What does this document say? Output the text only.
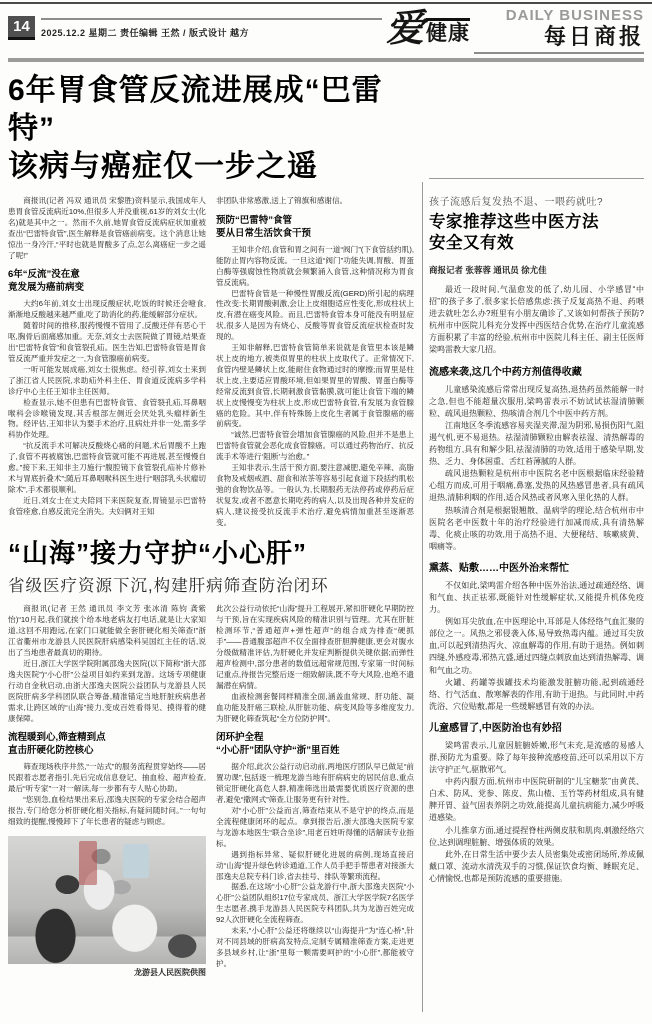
14	2025.12.2 星期二 责任编辑 王然 / 版式设计 越方	爱 健康
DAILY BUSINESS
每日商报
6年胃食管反流进展成“巴雷特”
该病与癌症仅一步之遥

商报讯(记者 冯双 通讯员 宋黎胜)资料显示,我国成年人患胃食管反流病近10%,但很多人并没重视,61岁的刘女士(化名)就是其中之一。然而不久前,她胃食管反流病症状加重被查出“巴雷特食管”,医生解释是食管癌前病变。这个消息让她惊出一身冷汗,“平时也就是胃酸多了点,怎么离癌症一步之遥了呢!”

6年“反流”没在意
竟发展为癌前病变

大约6年前,刘女士出现反酸症状,吃饭的时候还会噎食,渐渐地反酸越来越严重,吃了助消化的药,能缓解部分症状。

随着时间的推移,服药慢慢不管用了,反酸还伴有恶心干呕,胸骨后面痛感加重。无奈,刘女士去医院做了胃镜,结果查出“巴雷特食管”和食管裂孔疝。医生告知,巴雷特食管是胃食管反流严重并发症之一,为食管腺癌前病变。

一听可能发展成癌,刘女士很焦虑。经引荐,刘女士来到了浙江省人民医院,求助疝外科主任、胃食道反流病多学科诊疗中心主任王知非主任医师。

检查显示,她不但患有巴雷特食管、食管裂孔疝,耳鼻咽喉科会诊喉镜发现,其舌根部左侧近会厌处乳头瘤样新生物。经评估,王知非认为要手术治疗,且病灶并非一处,需多学科协作处理。

“抗反流手术可解决反酸烧心痛的问题,术后胃酸不上跑了,食管不再被腐蚀,巴雷特食管就可能不再进展,甚至慢慢自愈。”接下来,王知非主刀施行“腹腔镜下食管裂孔疝补片修补术与胃底折叠术”;随后耳鼻咽喉科医生进行“咽部乳头状瘤切除术”,手术都很顺利。

近日,刘女士在丈夫陪同下来医院复查,胃镜显示巴雷特食管痊愈,自感反流完全消失。夫妇俩对王知

非团队非常感激,送上了锦旗和感谢信。

预防“巴雷特”食管
要从日常生活饮食干预

王知非介绍,食管和胃之间有一道“阀门”(下食管括约肌),能防止胃内容物反流。一旦这道“阀门”功能失调,胃酸、胃蛋白酶等强腐蚀性物质就会频繁涌入食管,这种情况称为胃食管反流病。

巴雷特食管是一种慢性胃酸反流(GERD)所引起的病理性改变:长期胃酸刺激,会让上皮细胞适应性变化,形成柱状上皮,有潜在癌变风险。而且,巴雷特食管本身可能没有明显症状,很多人是因为有烧心、反酸等胃食管反流症状检查时发现的。

王知非解释,巴雷特食管简单来说就是食管里本该是鳞状上皮的地方,被类似胃里的柱状上皮取代了。正常情况下,食管内壁是鳞状上皮,能耐住食物通过时的摩擦;而胃里是柱状上皮,主要适应胃酸环境,但如果胃里的胃酸、胃蛋白酶等经常反流到食管,长期刺激食管黏膜,就可能让食管下端的鳞状上皮慢慢变为柱状上皮,形成巴雷特食管,有发展为食管腺癌的危险。其中,伴有特殊肠上皮化生者属于食管腺癌的癌前病变。

“诚然,巴雷特食管会增加食管腺癌的风险,但并不是患上巴雷特食管就会恶化成食管腺癌。可以通过药物治疗、抗反流手术等进行‘阻断’与治愈。”

王知非表示,生活干预方面,要注意减肥,避免辛辣、高脂食物及戒烟戒酒、甜食和浓茶等容易引起食道下段括约肌松弛的食物饮品等。一般认为,长期服药无法停药或停药后症状复发,或者不愿意长期吃药的病人,以及出现各种并发症的病人,建议接受抗反流手术治疗,避免病情加重甚至逐渐恶变。

“山海”接力守护“小心肝”
省级医疗资源下沉,构建肝病筛查防治闭环

商报讯(记者 王然 通讯员 李文芳 张冰清 陈钧 龚紫怡)“10月起,我们就挨个给本地老病友打电话,就是让大家知道,这回不用跑远,在家门口就能做全套肝硬化相关筛查!”浙江省衢州市龙游县人民医院肝病感染科吴国红主任的话,说出了当地患者最真切的期待。

近日,浙江大学医学院附属邵逸夫医院(以下简称“浙大邵逸夫医院”)“小心肝”公益项目如约来到龙游。这场专项健康行动自金秋启动,由浙大邵逸夫医院公益团队与龙游县人民医院肝病多学科团队联合筹备,精准锚定当地肝脏疾病患者需求,让跨区域的“山海”接力,变成百姓看得见、摸得着的健康保障。

流程暖到心,筛查精到点
直击肝硬化防控核心

筛查现场秩序井然,“一站式”的服务流程贯穿始终——居民跟着志愿者指引,先后完成信息登记、抽血检、超声检查,最后“听专家”一对一解读,每一步都有专人贴心协助。

“您别急,血检结果出来后,邵逸夫医院的专家会结合超声报告,专门给您分析肝硬化相关指标,有疑问随时问。”一句句细致的提醒,慢慢卸下了年长患者的疑虑与顾虑。

龙游县人民医院供图

此次公益行动依托“山海”提升工程展开,紧扣肝硬化早期防控与干预,旨在实现疾病风险的精准识别与管理。尤其在肝脏检测环节,“普通超声+弹性超声”的组合成为排查“硬抓手”——普通腹部超声不仅全面排查肝胆脾健康,更会对腹水分级做精准评估,为肝硬化并发症判断提供关键依据;而弹性超声检测中,部分患者的数值远超常规范围,专家第一时间标记重点,待报告完整后逐一细致解读,既不夸大风险,也绝不遗漏潜在病情。

血液检测套餐同样精准全面,涵盖血常规、肝功能、凝血功能及肝癌三联检,从肝脏功能、病变风险等多维度发力,为肝硬化筛查筑起“全方位防护网”。

闭环护全程
“小心肝”团队守护“浙”里百姓

据介绍,此次公益行动启动前,两地医疗团队早已做足“前置功课”,包括逐一梳理龙游当地有肝病病史的居民信息,重点锁定肝硬化高危人群,精准筛选出最需要优质医疗资源的患者,避免“撒网式”筛查,让服务更有针对性。

对“小心肝”公益而言,筛查结束从不是守护的终点,而是全流程健康闭环的起点。拿到报告后,浙大邵逸夫医院专家与龙游本地医生“联合坐诊”,用老百姓听得懂的话解读专业指标。

遇到指标异常、疑似肝硬化进展的病例,现场直接启动“山海”提升绿色转诊通道,工作人员手把手帮患者对接浙大邵逸夫总院专科门诊,省去挂号、排队等繁琐流程。

据悉,在这场“小心肝”公益龙游行中,浙大邵逸夫医院“小心肝”公益团队组织17位专家成员、浙江大学医学院7名医学生志愿者,携手龙游县人民医院专科团队,共为龙游百姓完成92人次肝硬化全流程筛查。

未来,“小心肝”公益还将继续以“山海提升”为“连心桥”,针对不同县域的肝病高发特点,定制专属精准筛查方案,走进更多县域乡村,让“浙”里每一颗需要呵护的“小心肝”,都能被守护。

孩子流感后复发热不退、一喂药就吐?
专家推荐这些中医方法
安全又有效
商报记者 张蓉蓉 通讯员 徐尤佳

最近一段时间,气温愈发的低了,幼儿园、小学感冒“中招”的孩子多了,很多家长倍感焦虑:孩子反复高热不退、药喂进去就吐怎么办?班里有小朋友确诊了,又该如何帮孩子预防?杭州市中医院儿科充分发挥中西医结合优势,在治疗儿童流感方面积累了丰富的经验,杭州市中医院儿科主任、副主任医师梁鸣雷教大家几招。

流感来袭,这几个中药方剂值得收藏

儿童感染流感后常常出现反复高热,退热药虽然能解一时之急,但也不能超量次服用,梁鸣雷表示不妨试试祛湿清肺颗粒、疏风退热颗粒、热咳清合剂几个中医中药方剂。

江南地区冬季流感容易夹湿夹滞,湿为阴邪,易损伤阳气,阻遏气机,更不易退热。祛湿清肺颗粒由解表祛湿、清热解毒的药物组方,具有和解少阳,祛湿清肺的功效,适用于感染早期,发热、乏力、身体困重、舌红苔薄腻的人群。

疏风退热颗粒是杭州市中医院名老中医根据临床经验精心组方而成,可用于咽痛,鼻塞,发热的风热感冒患者,具有疏风退热,清肺利咽的作用,适合风热或者风寒入里化热的人群。

热咳清合剂是根据银翘散、温病学的理论,结合杭州市中医院名老中医数十年的治疗经验进行加减而成,具有清热解毒、化痰止咳的功效,用于高热不退、大便秘结、咳嗽痰黄、咽痛等。

熏蒸、贴敷……中医外治来帮忙

不仅如此,梁鸣雷介绍各种中医外治法,通过疏通经络、调和气血、扶正祛邪,既能针对性缓解症状,又能提升机体免疫力。

例如耳尖放血,在中医理论中,耳部是人体经络气血汇聚的部位之一。风热之邪侵袭入体,易导致热毒内蕴。通过耳尖放血,可以起到清热泻火、凉血解毒的作用,有助于退热。例如刺四缝,外感疫毒,邪热亢盛,通过四缝点刺放血达到清热解毒、调和气血之功。

火罐、药罐等拔罐技术均能激发脏腑功能,起到疏通经络、行气活血、散寒解表的作用,有助于退热。与此同时,中药洗浴、穴位贴敷,都是一些缓解感冒有效的办法。

儿童感冒了,中医防治也有妙招

梁鸣雷表示,儿童因脏腑娇嫩,形气未充,是流感的易感人群,预防尤为重要。除了每年接种流感疫苗,还可以采用以下方法守护正气,驱散邪气。

中药内服方面,杭州市中医院研制的“儿宝糖浆”由黄芪、白术、防风、党参、陈皮、焦山楂、玉竹等药材组成,具有健脾开胃、益气固表养阴之功效,能提高儿童抗病能力,减少呼吸道感染。

小儿推拿方面,通过提捏脊柱两侧皮肤和肌肉,刺激经络穴位,达到调理脏腑、增强体质的效果。

此外,在日常生活中要少去人员密集处或密闭场所,养成佩戴口罩、流动水清洗双手的习惯,保证饮食均衡、睡眠充足、心情愉悦,也都是预防流感的重要措施。
